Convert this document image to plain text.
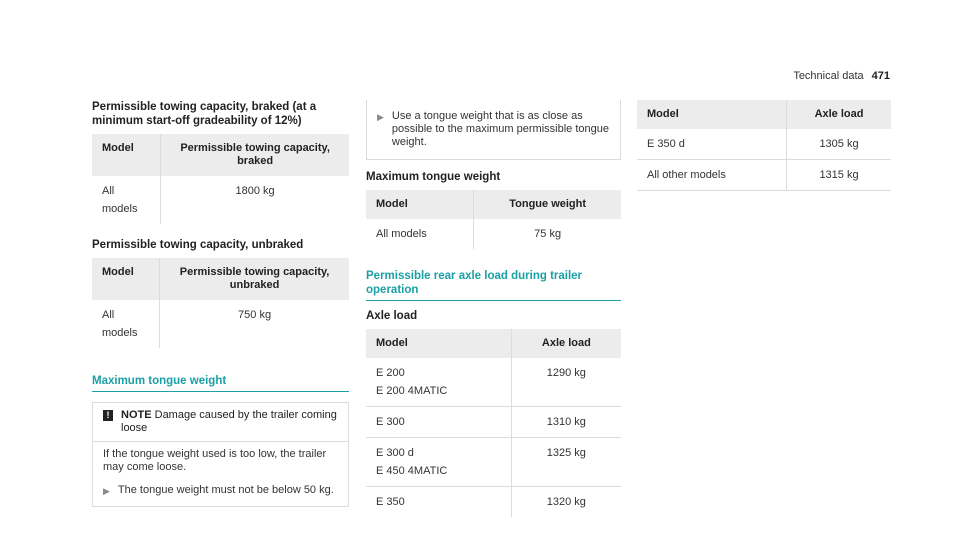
Technical data 471
Permissible towing capacity, braked (at a minimum start-off gradeability of 12%)
Model	Permissible towing capacity, braked
All models	1800 kg
Permissible towing capacity, unbraked
Model	Permissible towing capacity, unbraked
All models	750 kg
Maximum tongue weight
!	NOTE Damage caused by the trailer coming loose
If the tongue weight used is too low, the trailer may come loose.
▶ The tongue weight must not be below 50 kg.
▶ Use a tongue weight that is as close as possible to the maximum permissible tongue weight.
Maximum tongue weight
Model	Tongue weight
All models	75 kg
Permissible rear axle load during trailer operation
Axle load
Model	Axle load

E 200
E 200 4MATIC	1290 kg

E 300	1310 kg

E 300 d
E 450 4MATIC	1325 kg

E 350	1320 kg
Model	Axle load
E 350 d	1305 kg
All other models	1315 kg
